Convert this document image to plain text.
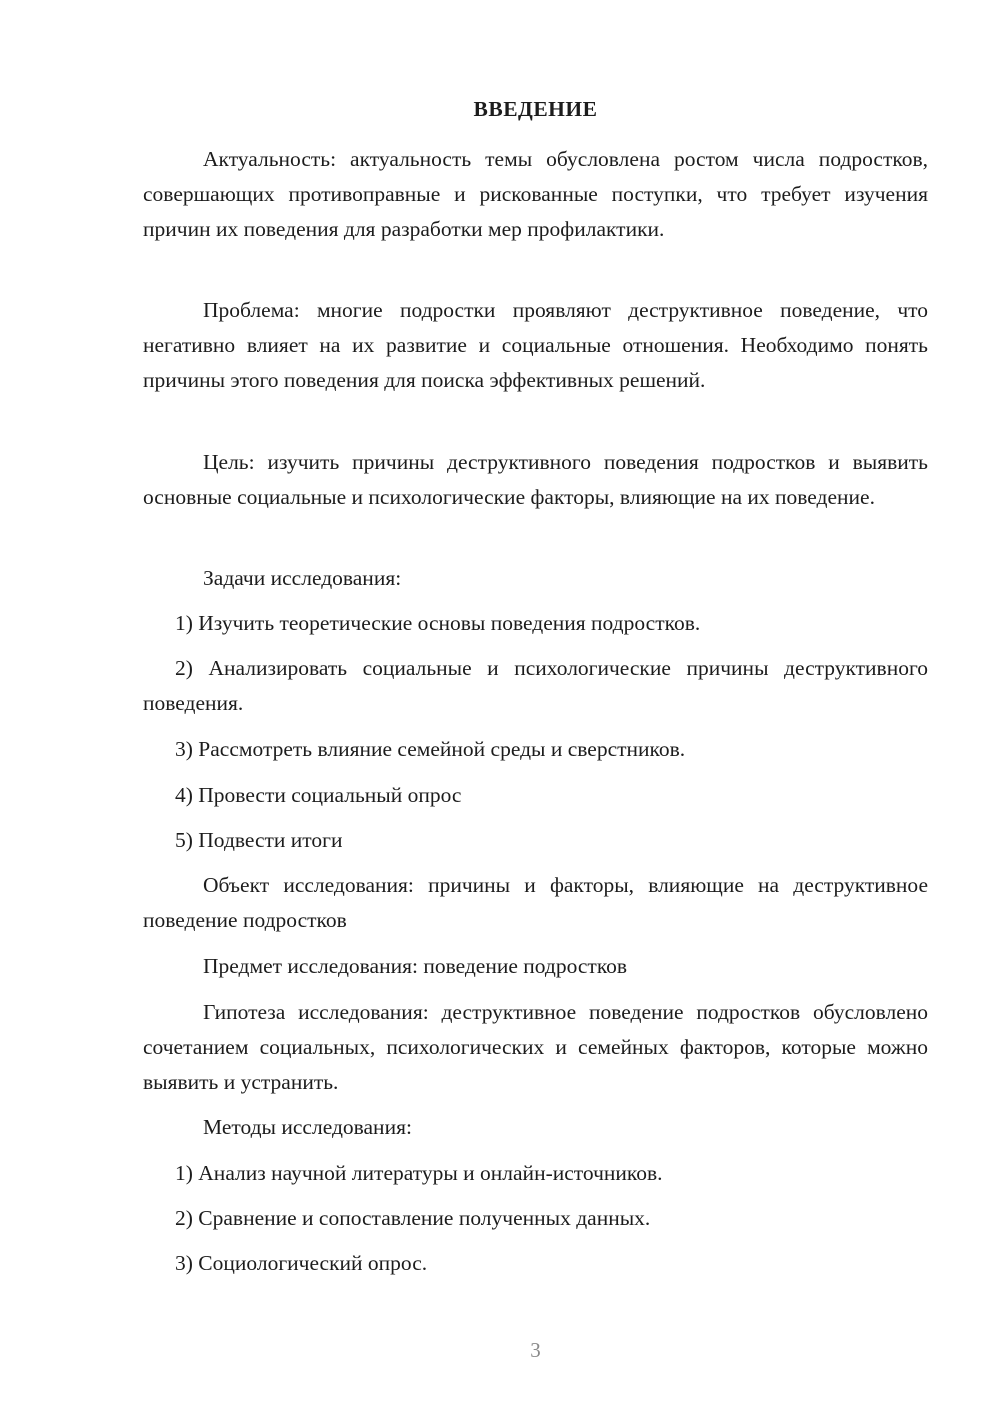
ВВЕДЕНИЕ

Актуальность: актуальность темы обусловлена ростом числа подростков, совершающих противоправные и рискованные поступки, что требует изучения причин их поведения для разработки мер профилактики.

Проблема: многие подростки проявляют деструктивное поведение, что негативно влияет на их развитие и социальные отношения. Необходимо понять причины этого поведения для поиска эффективных решений.

Цель: изучить причины деструктивного поведения подростков и выявить основные социальные и психологические факторы, влияющие на их поведение.

Задачи исследования:

1) Изучить теоретические основы поведения подростков.

2) Анализировать социальные и психологические причины деструктивного поведения.

3) Рассмотреть влияние семейной среды и сверстников.

4) Провести социальный опрос

5) Подвести итоги

Объект исследования: причины и факторы, влияющие на деструктивное поведение подростков

Предмет исследования: поведение подростков

Гипотеза исследования: деструктивное поведение подростков обусловлено сочетанием социальных, психологических и семейных факторов, которые можно выявить и устранить.

Методы исследования:

1) Анализ научной литературы и онлайн-источников.

2) Сравнение и сопоставление полученных данных.

3) Социологический опрос.

3
